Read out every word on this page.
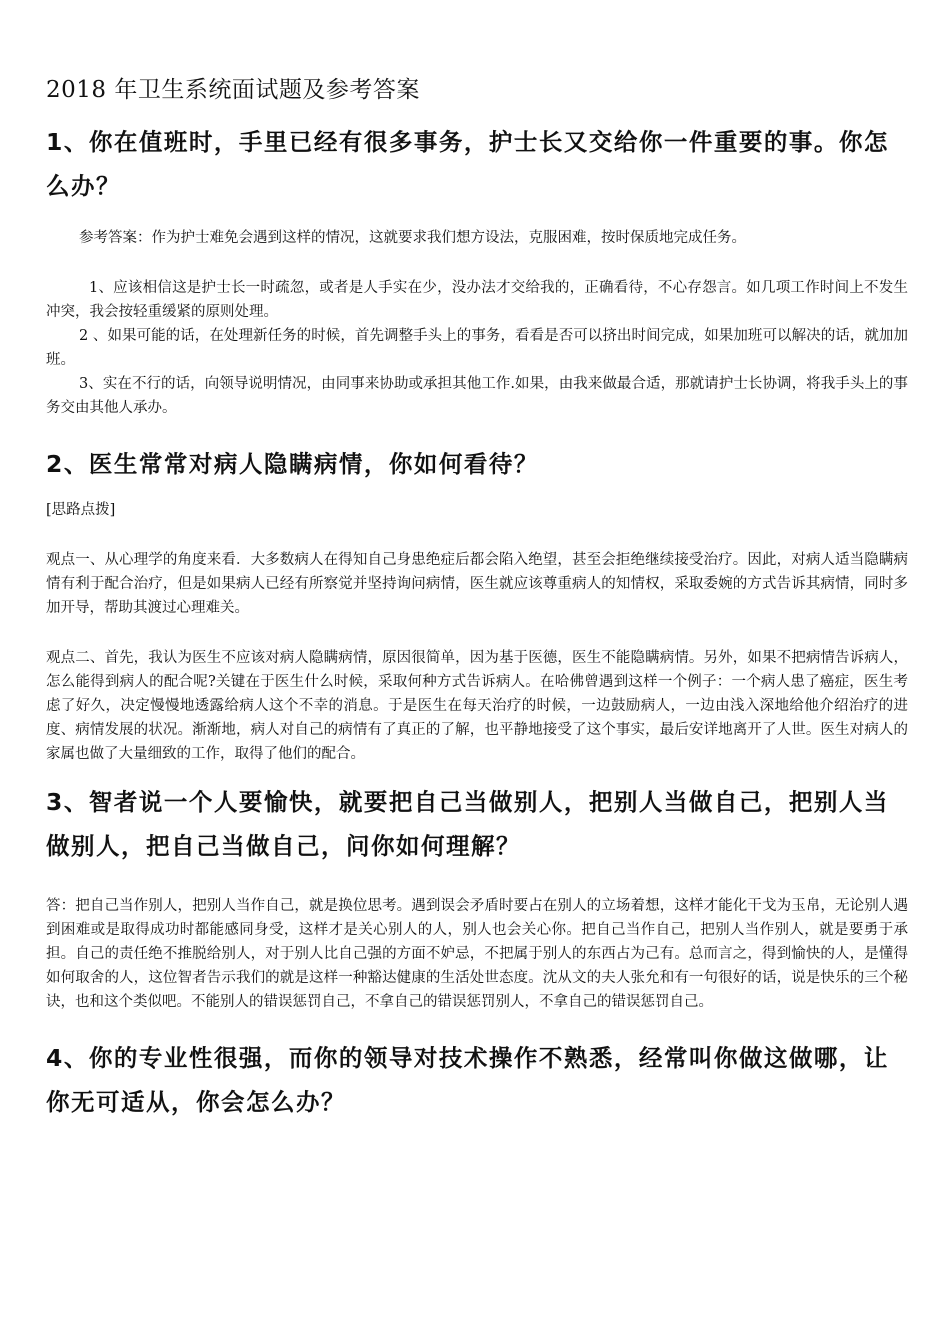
2018 年卫生系统面试题及参考答案
1、你在值班时，手里已经有很多事务，护士长又交给你一件重要的事。你怎么办？

参考答案：作为护士难免会遇到这样的情况，这就要求我们想方设法，克服困难，按时保质地完成任务。

1、应该相信这是护士长一时疏忽，或者是人手实在少，没办法才交给我的，正确看待，不心存怨言。如几项工作时间上不发生冲突，我会按轻重缓紧的原则处理。

2 、如果可能的话，在处理新任务的时候，首先调整手头上的事务，看看是否可以挤出时间完成，如果加班可以解决的话，就加加班。

3、实在不行的话，向领导说明情况，由同事来协助或承担其他工作.如果，由我来做最合适，那就请护士长协调，将我手头上的事务交由其他人承办。

2、医生常常对病人隐瞒病情，你如何看待？

[思路点拨]

观点一、从心理学的角度来看．大多数病人在得知自己身患绝症后都会陷入绝望，甚至会拒绝继续接受治疗。因此，对病人适当隐瞒病情有利于配合治疗，但是如果病人已经有所察觉并坚持询问病情，医生就应该尊重病人的知情权，采取委婉的方式告诉其病情，同时多加开导，帮助其渡过心理难关。

观点二、首先，我认为医生不应该对病人隐瞒病情，原因很简单，因为基于医德，医生不能隐瞒病情。另外，如果不把病情告诉病人，怎么能得到病人的配合呢?关键在于医生什么时候，采取何种方式告诉病人。在哈佛曾遇到这样一个例子：一个病人患了癌症，医生考虑了好久，决定慢慢地透露给病人这个不幸的消息。于是医生在每天治疗的时候，一边鼓励病人，一边由浅入深地给他介绍治疗的进度、病情发展的状况。渐渐地，病人对自己的病情有了真正的了解，也平静地接受了这个事实，最后安详地离开了人世。医生对病人的家属也做了大量细致的工作，取得了他们的配合。

3、智者说一个人要愉快，就要把自己当做别人，把别人当做自己，把别人当做别人，把自己当做自己，问你如何理解？

答：把自己当作别人，把别人当作自己，就是换位思考。遇到误会矛盾时要占在别人的立场着想，这样才能化干戈为玉帛，无论别人遇到困难或是取得成功时都能感同身受，这样才是关心别人的人，别人也会关心你。把自己当作自己，把别人当作别人，就是要勇于承担。自己的责任绝不推脱给别人，对于别人比自己强的方面不妒忌，不把属于别人的东西占为己有。总而言之，得到愉快的人，是懂得如何取舍的人，这位智者告示我们的就是这样一种豁达健康的生活处世态度。沈从文的夫人张允和有一句很好的话，说是快乐的三个秘诀，也和这个类似吧。不能别人的错误惩罚自己，不拿自己的错误惩罚别人，不拿自己的错误惩罚自己。

4、你的专业性很强，而你的领导对技术操作不熟悉，经常叫你做这做哪，让你无可适从，你会怎么办？
